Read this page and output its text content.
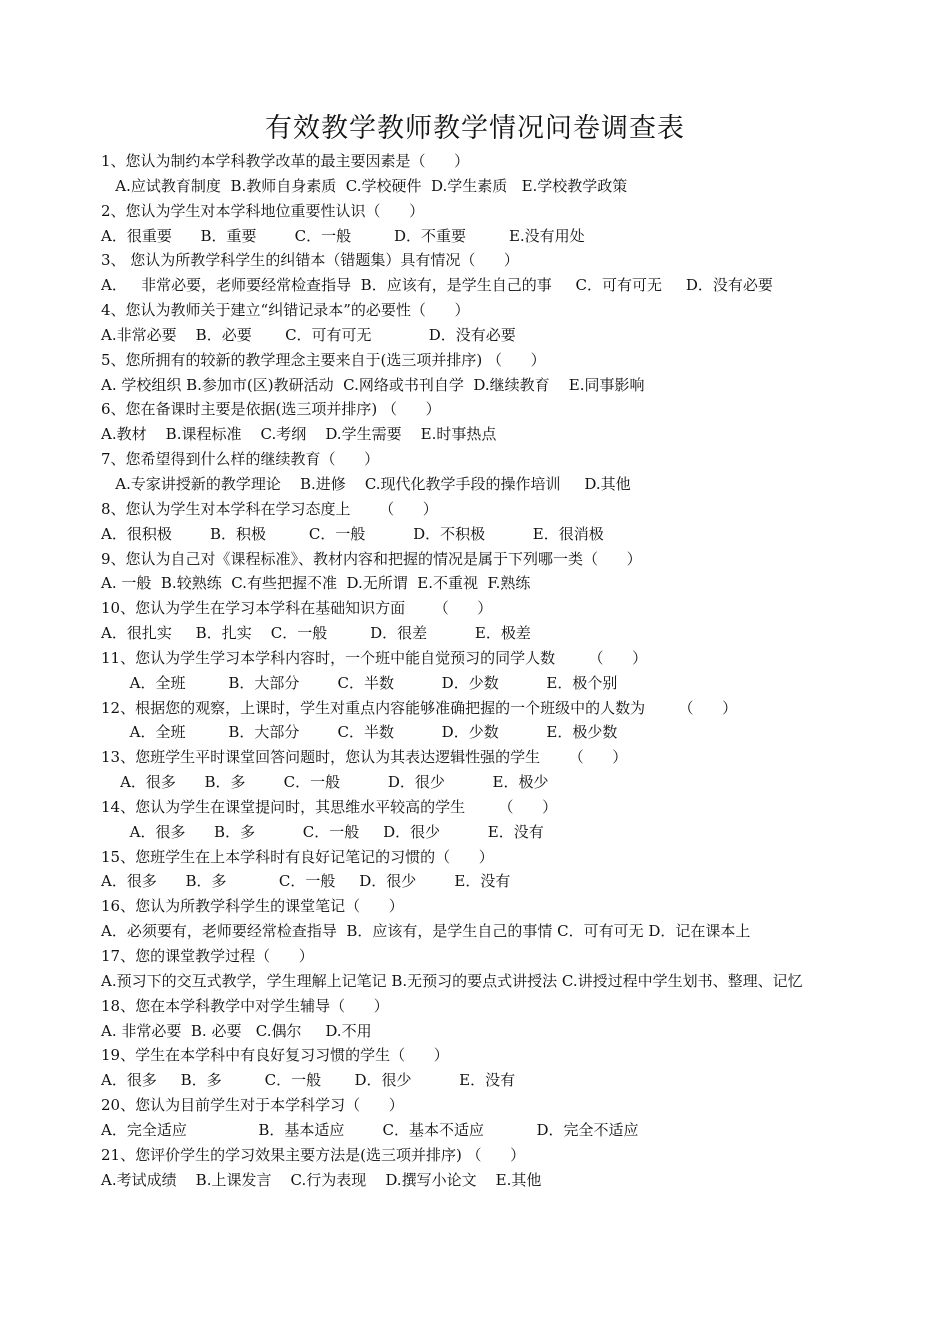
有效教学教师教学情况问卷调查表
1、您认为制约本学科教学改革的最主要因素是（      ）
A.应试教育制度  B.教师自身素质  C.学校硬件  D.学生素质   E.学校教学政策
2、您认为学生对本学科地位重要性认识（      ）
A．很重要      B．重要        C．一般         D．不重要         E.没有用处
3、 您认为所教学科学生的纠错本（错题集）具有情况（      ）
A．   非常必要，老师要经常检查指导  B．应该有，是学生自己的事     C．可有可无     D．没有必要
4、您认为教师关于建立“纠错记录本”的必要性（      ）
A.非常必要    B．必要       C．可有可无            D．没有必要
5、您所拥有的较新的教学理念主要来自于(选三项并排序) （      ）
A. 学校组织 B.参加市(区)教研活动  C.网络或书刊自学  D.继续教育    E.同事影响
6、您在备课时主要是依据(选三项并排序) （      ）
A.教材    B.课程标准    C.考纲    D.学生需要    E.时事热点
7、您希望得到什么样的继续教育（      ）
A.专家讲授新的教学理论    B.进修    C.现代化教学手段的操作培训     D.其他
8、您认为学生对本学科在学习态度上      （      ）
A．很积极        B．积极         C．一般          D．不积极          E．很消极
9、您认为自己对《课程标准》、教材内容和把握的情况是属于下列哪一类（      ）
A. 一般  B.较熟练  C.有些把握不准  D.无所谓  E.不重视  F.熟练
10、您认为学生在学习本学科在基础知识方面      （      ）
A．很扎实     B．扎实    C．一般         D．很差          E．极差
11、您认为学生学习本学科内容时，一个班中能自觉预习的同学人数       （      ）
A．全班         B．大部分        C．半数          D．少数          E．极个别
12、根据您的观察，上课时，学生对重点内容能够准确把握的一个班级中的人数为       （      ）
A．全班         B．大部分        C．半数          D．少数          E．极少数
13、您班学生平时课堂回答问题时，您认为其表达逻辑性强的学生      （      ）
A．很多      B．多        C．一般          D．很少          E．极少
14、您认为学生在课堂提问时，其思维水平较高的学生       （      ）
A．很多      B．多          C．一般     D．很少          E．没有
15、您班学生在上本学科时有良好记笔记的习惯的（      ）
A．很多      B．多           C．一般     D．很少        E．没有
16、您认为所教学科学生的课堂笔记（      ）
A．必须要有，老师要经常检查指导  B．应该有，是学生自己的事情 C．可有可无 D．记在课本上
17、您的课堂教学过程（      ）
A.预习下的交互式教学，学生理解上记笔记 B.无预习的要点式讲授法 C.讲授过程中学生划书、整理、记忆
18、您在本学科教学中对学生辅导（      ）
A. 非常必要  B. 必要   C.偶尔     D.不用
19、学生在本学科中有良好复习习惯的学生（      ）
A．很多     B．多         C．一般       D．很少          E．没有
20、您认为目前学生对于本学科学习（      ）
A．完全适应               B．基本适应        C．基本不适应           D．完全不适应
21、您评价学生的学习效果主要方法是(选三项并排序) （      ）
A.考试成绩    B.上课发言    C.行为表现    D.撰写小论文    E.其他
